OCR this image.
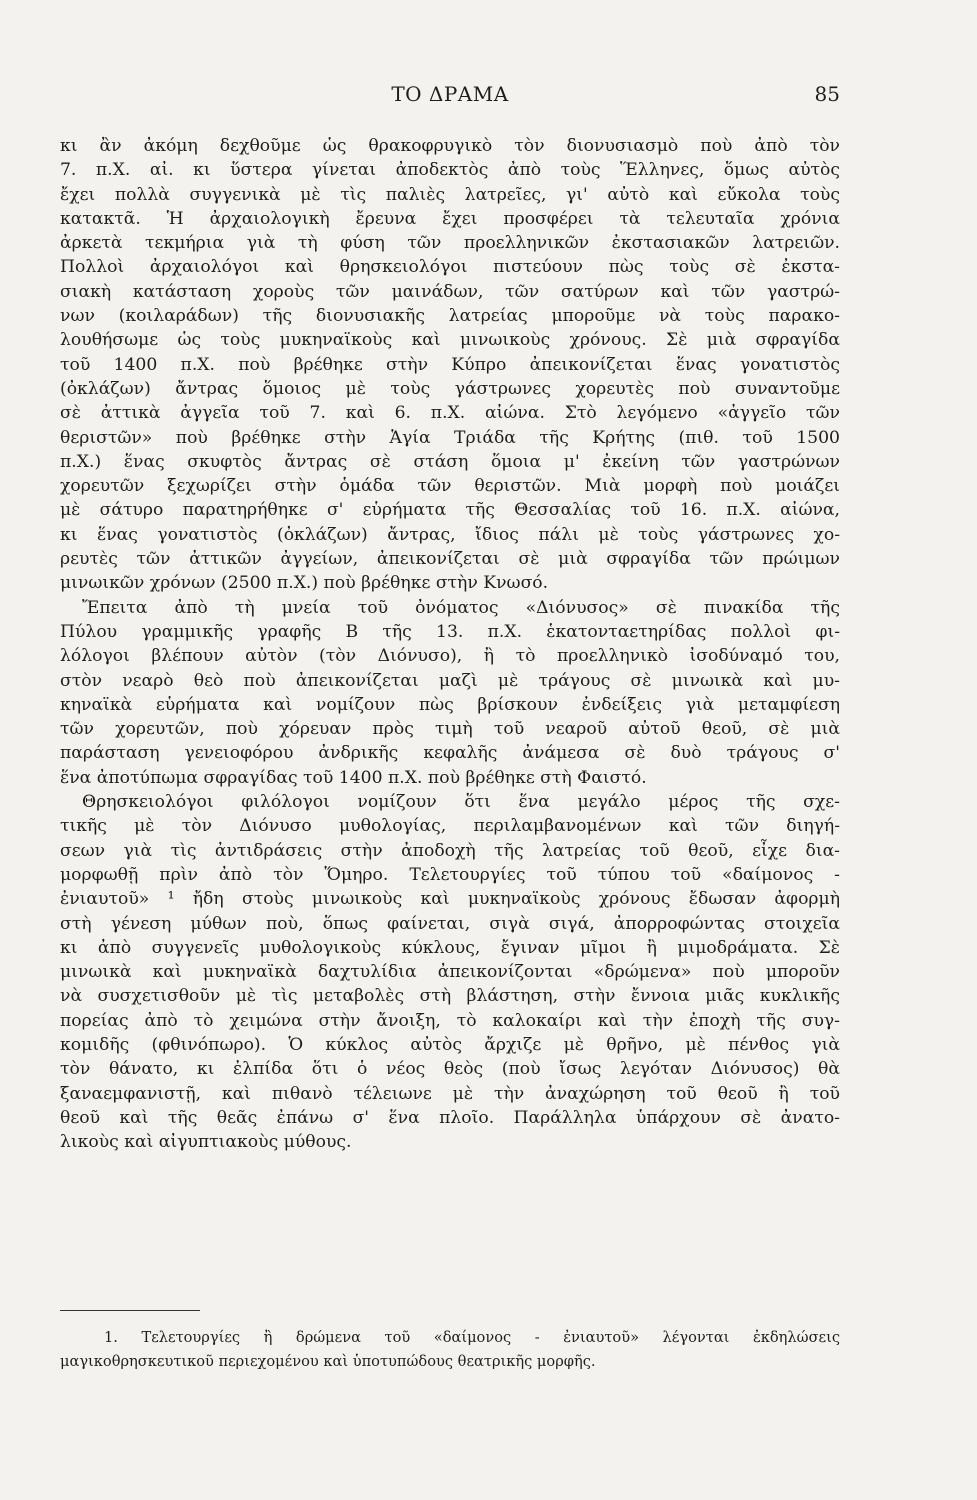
ΤΟ ΔΡΑΜΑ	85
κι ἂν ἀκόμη δεχθοῦμε ὡς θρακοφρυγικὸ τὸν διονυσιασμὸ ποὺ ἀπὸ τὸν
7. π.Χ. αἰ. κι ὕστερα γίνεται ἀποδεκτὸς ἀπὸ τοὺς Ἕλληνες, ὅμως αὐτὸς
ἔχει πολλὰ συγγενικὰ μὲ τὶς παλιὲς λατρεῖες, γι' αὐτὸ καὶ εὔκολα τοὺς
κατακτᾶ. Ἡ ἀρχαιολογικὴ ἔρευνα ἔχει προσφέρει τὰ τελευταῖα χρόνια
ἀρκετὰ τεκμήρια γιὰ τὴ φύση τῶν προελληνικῶν ἐκστασιακῶν λατρειῶν.
Πολλοὶ ἀρχαιολόγοι καὶ θρησκειολόγοι πιστεύουν πὼς τοὺς σὲ ἐκστα-
σιακὴ κατάσταση χοροὺς τῶν μαινάδων, τῶν σατύρων καὶ τῶν γαστρώ-
νων (κοιλαράδων) τῆς διονυσιακῆς λατρείας μποροῦμε νὰ τοὺς παρακο-
λουθήσωμε ὡς τοὺς μυκηναϊκοὺς καὶ μινωικοὺς χρόνους. Σὲ μιὰ σφραγίδα
τοῦ 1400 π.Χ. ποὺ βρέθηκε στὴν Κύπρο ἀπεικονίζεται ἕνας γονατιστὸς
(ὀκλάζων) ἄντρας ὅμοιος μὲ τοὺς γάστρωνες χορευτὲς ποὺ συναντοῦμε
σὲ ἀττικὰ ἀγγεῖα τοῦ 7. καὶ 6. π.Χ. αἰώνα. Στὸ λεγόμενο «ἀγγεῖο τῶν
θεριστῶν» ποὺ βρέθηκε στὴν Ἁγία Τριάδα τῆς Κρήτης (πιθ. τοῦ 1500
π.Χ.) ἕνας σκυφτὸς ἄντρας σὲ στάση ὅμοια μ' ἐκείνη τῶν γαστρώνων
χορευτῶν ξεχωρίζει στὴν ὁμάδα τῶν θεριστῶν. Μιὰ μορφὴ ποὺ μοιάζει
μὲ σάτυρο παρατηρήθηκε σ' εὑρήματα τῆς Θεσσαλίας τοῦ 16. π.Χ. αἰώνα,
κι ἕνας γονατιστὸς (ὀκλάζων) ἄντρας, ἴδιος πάλι μὲ τοὺς γάστρωνες χο-
ρευτὲς τῶν ἀττικῶν ἀγγείων, ἀπεικονίζεται σὲ μιὰ σφραγίδα τῶν πρώιμων
μινωικῶν χρόνων (2500 π.Χ.) ποὺ βρέθηκε στὴν Κνωσό.
Ἔπειτα ἀπὸ τὴ μνεία τοῦ ὀνόματος «Διόνυσος» σὲ πινακίδα τῆς
Πύλου γραμμικῆς γραφῆς Β τῆς 13. π.Χ. ἑκατονταετηρίδας πολλοὶ φι-
λόλογοι βλέπουν αὐτὸν (τὸν Διόνυσο), ἢ τὸ προελληνικὸ ἰσοδύναμό του,
στὸν νεαρὸ θεὸ ποὺ ἀπεικονίζεται μαζὶ μὲ τράγους σὲ μινωικὰ καὶ μυ-
κηναϊκὰ εὑρήματα καὶ νομίζουν πὼς βρίσκουν ἐνδείξεις γιὰ μεταμφίεση
τῶν χορευτῶν, ποὺ χόρευαν πρὸς τιμὴ τοῦ νεαροῦ αὐτοῦ θεοῦ, σὲ μιὰ
παράσταση γενειοφόρου ἀνδρικῆς κεφαλῆς ἀνάμεσα σὲ δυὸ τράγους σ'
ἕνα ἀποτύπωμα σφραγίδας τοῦ 1400 π.Χ. ποὺ βρέθηκε στὴ Φαιστό.
Θρησκειολόγοι φιλόλογοι νομίζουν ὅτι ἕνα μεγάλο μέρος τῆς σχε-
τικῆς μὲ τὸν Διόνυσο μυθολογίας, περιλαμβανομένων καὶ τῶν διηγή-
σεων γιὰ τὶς ἀντιδράσεις στὴν ἀποδοχὴ τῆς λατρείας τοῦ θεοῦ, εἶχε δια-
μορφωθῇ πρὶν ἀπὸ τὸν Ὅμηρο. Τελετουργίες τοῦ τύπου τοῦ «δαίμονος -
ἐνιαυτοῦ» ¹ ἤδη στοὺς μινωικοὺς καὶ μυκηναϊκοὺς χρόνους ἔδωσαν ἀφορμὴ
στὴ γένεση μύθων ποὺ, ὅπως φαίνεται, σιγὰ σιγά, ἀπορροφώντας στοιχεῖα
κι ἀπὸ συγγενεῖς μυθολογικοὺς κύκλους, ἔγιναν μῖμοι ἢ μιμοδράματα. Σὲ
μινωικὰ καὶ μυκηναϊκὰ δαχτυλίδια ἀπεικονίζονται «δρώμενα» ποὺ μποροῦν
νὰ συσχετισθοῦν μὲ τὶς μεταβολὲς στὴ βλάστηση, στὴν ἔννοια μιᾶς κυκλικῆς
πορείας ἀπὸ τὸ χειμώνα στὴν ἄνοιξη, τὸ καλοκαίρι καὶ τὴν ἐποχὴ τῆς συγ-
κομιδῆς (φθινόπωρο). Ὁ κύκλος αὐτὸς ἄρχιζε μὲ θρῆνο, μὲ πένθος γιὰ
τὸν θάνατο, κι ἐλπίδα ὅτι ὁ νέος θεὸς (ποὺ ἴσως λεγόταν Διόνυσος) θὰ
ξαναεμφανιστῇ, καὶ πιθανὸ τέλειωνε μὲ τὴν ἀναχώρηση τοῦ θεοῦ ἢ τοῦ
θεοῦ καὶ τῆς θεᾶς ἐπάνω σ' ἕνα πλοῖο. Παράλληλα ὑπάρχουν σὲ ἀνατο-
λικοὺς καὶ αἰγυπτιακοὺς μύθους.
1. Τελετουργίες ἢ δρώμενα τοῦ «δαίμονος - ἐνιαυτοῦ» λέγονται ἐκδηλώσεις
μαγικοθρησκευτικοῦ περιεχομένου καὶ ὑποτυπώδους θεατρικῆς μορφῆς.
